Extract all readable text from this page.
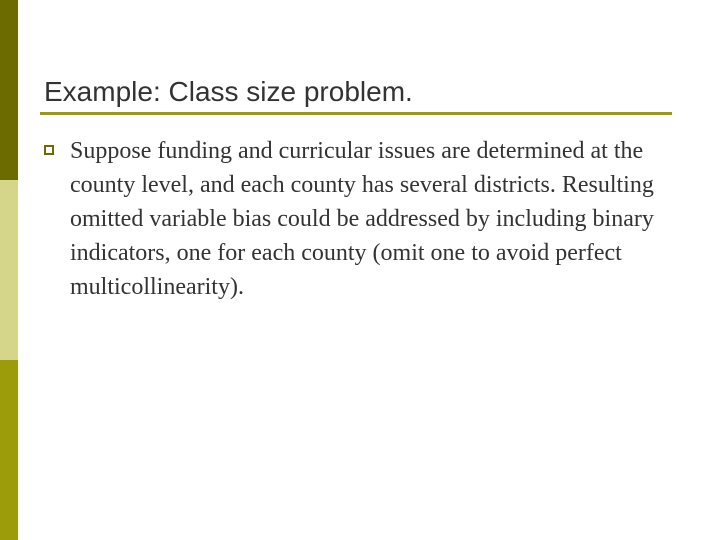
Example: Class size problem.
Suppose funding and curricular issues are determined at the county level, and each county has several districts. Resulting omitted variable bias could be addressed by including binary indicators, one for each county (omit one to avoid perfect multicollinearity).
